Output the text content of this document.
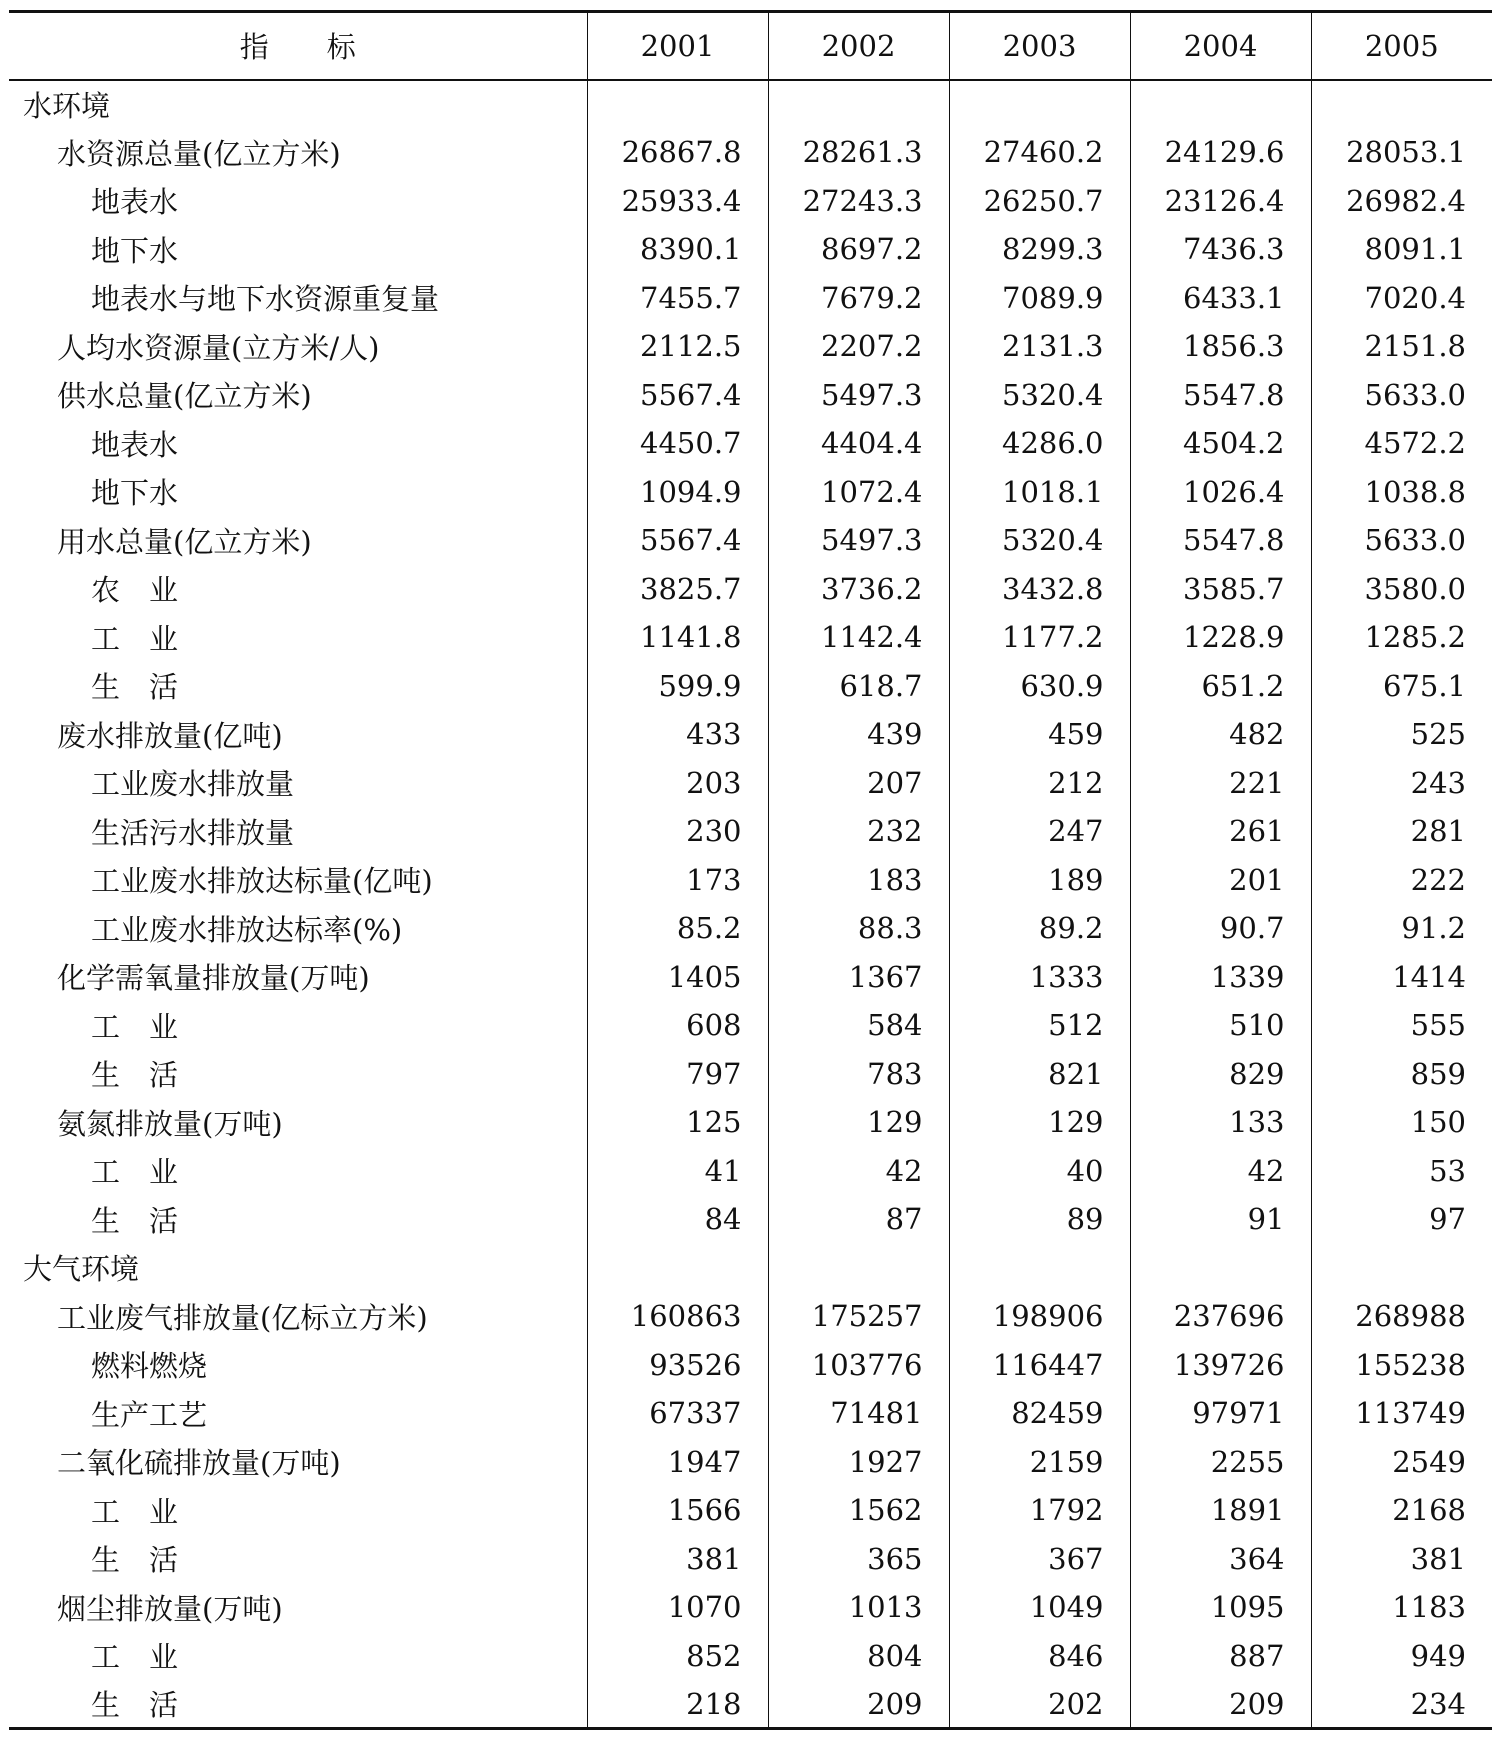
指　　标	2001	2002	2003	2004	2005
水环境					
水资源总量(亿立方米)	26867.8	28261.3	27460.2	24129.6	28053.1
地表水	25933.4	27243.3	26250.7	23126.4	26982.4
地下水	8390.1	8697.2	8299.3	7436.3	8091.1
地表水与地下水资源重复量	7455.7	7679.2	7089.9	6433.1	7020.4
人均水资源量(立方米/人)	2112.5	2207.2	2131.3	1856.3	2151.8
供水总量(亿立方米)	5567.4	5497.3	5320.4	5547.8	5633.0
地表水	4450.7	4404.4	4286.0	4504.2	4572.2
地下水	1094.9	1072.4	1018.1	1026.4	1038.8
用水总量(亿立方米)	5567.4	5497.3	5320.4	5547.8	5633.0
农　业	3825.7	3736.2	3432.8	3585.7	3580.0
工　业	1141.8	1142.4	1177.2	1228.9	1285.2
生　活	599.9	618.7	630.9	651.2	675.1
废水排放量(亿吨)	433	439	459	482	525
工业废水排放量	203	207	212	221	243
生活污水排放量	230	232	247	261	281
工业废水排放达标量(亿吨)	173	183	189	201	222
工业废水排放达标率(%)	85.2	88.3	89.2	90.7	91.2
化学需氧量排放量(万吨)	1405	1367	1333	1339	1414
工　业	608	584	512	510	555
生　活	797	783	821	829	859
氨氮排放量(万吨)	125	129	129	133	150
工　业	41	42	40	42	53
生　活	84	87	89	91	97
大气环境					
工业废气排放量(亿标立方米)	160863	175257	198906	237696	268988
燃料燃烧	93526	103776	116447	139726	155238
生产工艺	67337	71481	82459	97971	113749
二氧化硫排放量(万吨)	1947	1927	2159	2255	2549
工　业	1566	1562	1792	1891	2168
生　活	381	365	367	364	381
烟尘排放量(万吨)	1070	1013	1049	1095	1183
工　业	852	804	846	887	949
生　活	218	209	202	209	234
